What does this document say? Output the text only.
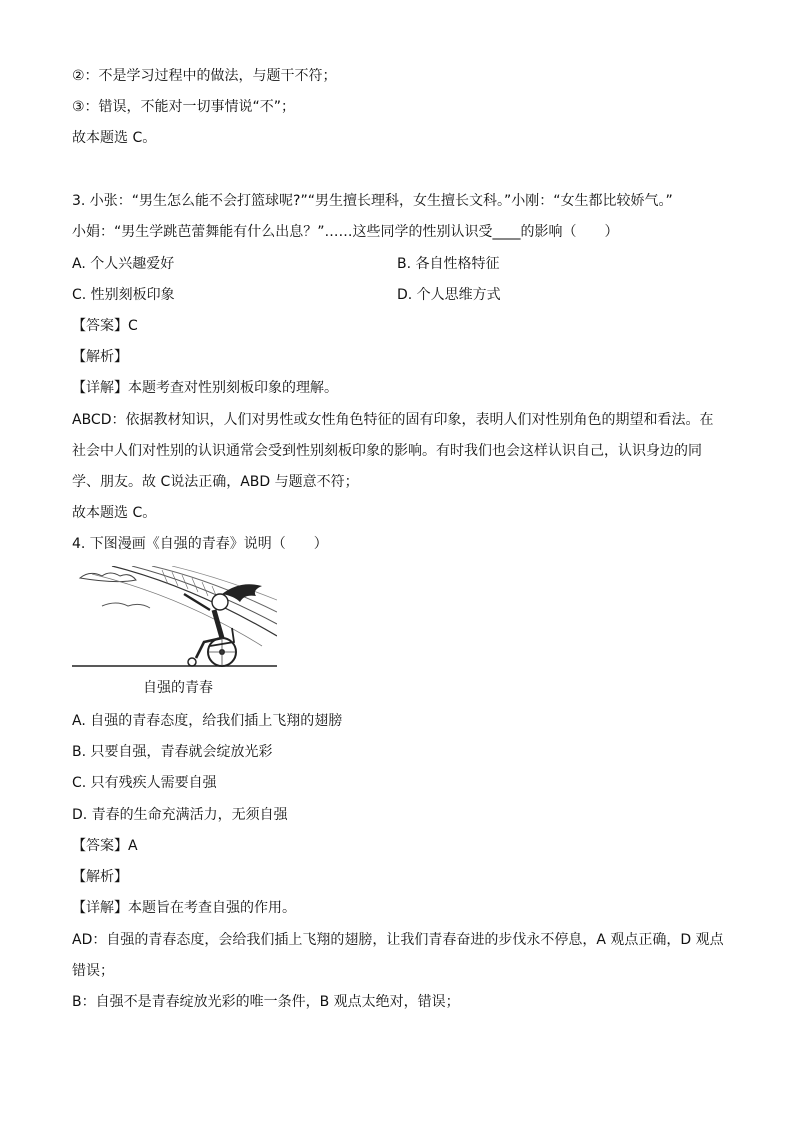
②：不是学习过程中的做法，与题干不符；
③：错误，不能对一切事情说“不”；
故本题选 C。
3. 小张：“男生怎么能不会打篮球呢?”“男生擅长理科，女生擅长文科。”小刚：“女生都比较娇气。”
小娟：“男生学跳芭蕾舞能有什么出息？”……这些同学的性别认识受____的影响（　　）
A. 个人兴趣爱好	B. 各自性格特征
C. 性别刻板印象	D. 个人思维方式
【答案】C
【解析】
【详解】本题考查对性别刻板印象的理解。
ABCD：依据教材知识，人们对男性或女性角色特征的固有印象，表明人们对性别角色的期望和看法。在
社会中人们对性别的认识通常会受到性别刻板印象的影响。有时我们也会这样认识自己，认识身边的同
学、朋友。故 C说法正确，ABD 与题意不符；
故本题选 C。
4. 下图漫画《自强的青春》说明（　　）
自强的青春
A. 自强的青春态度，给我们插上飞翔的翅膀
B. 只要自强，青春就会绽放光彩
C. 只有残疾人需要自强
D. 青春的生命充满活力，无须自强
【答案】A
【解析】
【详解】本题旨在考查自强的作用。
AD：自强的青春态度，会给我们插上飞翔的翅膀，让我们青春奋进的步伐永不停息，A 观点正确，D 观点
错误；
B：自强不是青春绽放光彩的唯一条件，B 观点太绝对，错误；
